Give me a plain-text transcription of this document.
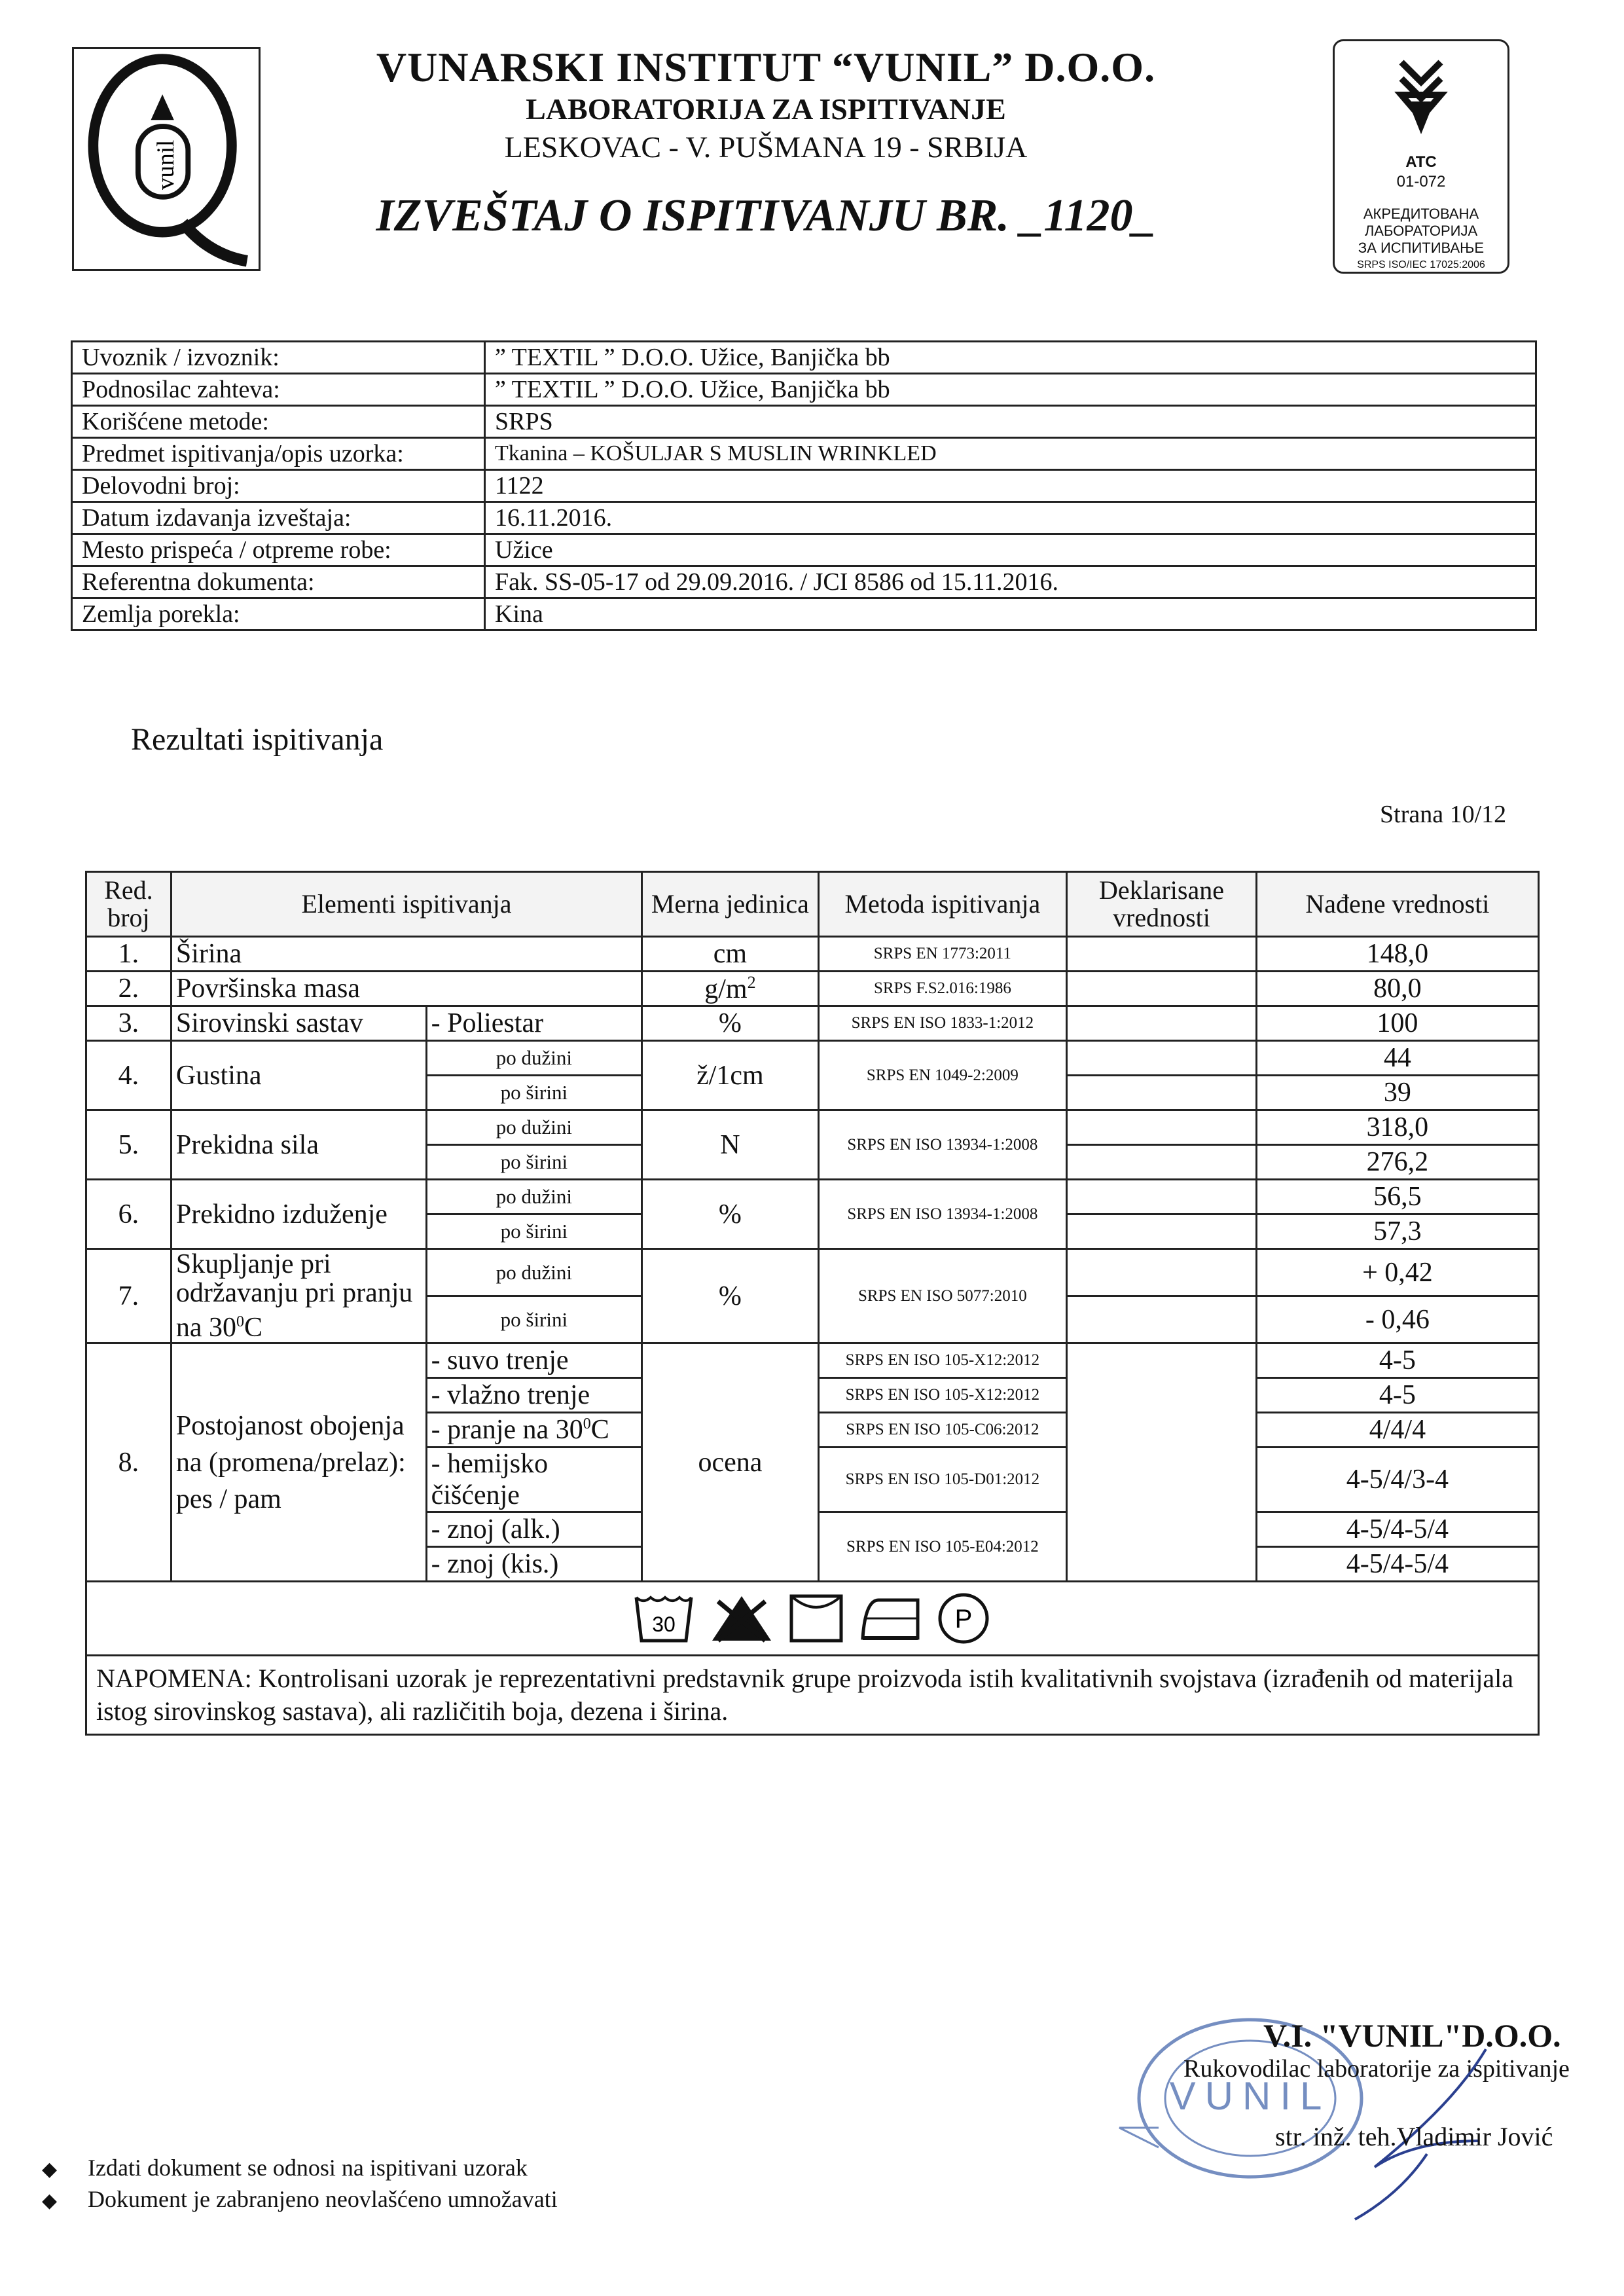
vunil
VUNARSKI INSTITUT “VUNIL” D.O.O.
LABORATORIJA ZA ISPITIVANJE
LESKOVAC - V. PUŠMANA 19 - SRBIJA
IZVEŠTAJ O ISPITIVANJU BR. _1120_
ATC
01-072
АКРЕДИТОВАНА
ЛАБОРАТОРИЈА
ЗА ИСПИТИВАЊЕ
SRPS ISO/IEC 17025:2006
Uvoznik / izvoznik:	” TEXTIL ” D.O.O. Užice, Banjička bb
Podnosilac zahteva:	” TEXTIL ” D.O.O. Užice, Banjička bb
Korišćene metode:	SRPS
Predmet ispitivanja/opis uzorka:	Tkanina – KOŠULJAR S MUSLIN WRINKLED
Delovodni broj:	1122
Datum izdavanja izveštaja:	16.11.2016.
Mesto prispeća / otpreme robe:	Užice
Referentna dokumenta:	Fak. SS-05-17 od 29.09.2016. / JCI 8586 od 15.11.2016.
Zemlja porekla:	Kina
Rezultati ispitivanja
Strana 10/12
Red. broj	Elementi ispitivanja		Merna jedinica	Metoda ispitivanja	Deklarisane vrednosti	Nađene vrednosti
1.	Širina		cm	SRPS EN 1773:2011		148,0
2.	Površinska masa		$g/m^2$	SRPS F.S2.016:1986		80,0
3.	Sirovinski sastav	- Poliestar	%	SRPS EN ISO 1833-1:2012		100
4.	Gustina	po dužini	ž/1cm	SRPS EN 1049-2:2009		44
		po širini				39
5.	Prekidna sila	po dužini	N	SRPS EN ISO 13934-1:2008		318,0
		po širini				276,2
6.	Prekidno izduženje	po dužini	%	SRPS EN ISO 13934-1:2008		56,5
		po širini				57,3
7.	Skupljanje pri održavanju pri pranju na $30^0C$	po dužini	%	SRPS EN ISO 5077:2010		+ 0,42
		po širini				- 0,46
8.	Postojanost obojenja na (promena/prelaz): pes / pam	- suvo trenje	ocena	SRPS EN ISO 105-X12:2012		4-5
		- vlažno trenje		SRPS EN ISO 105-X12:2012		4-5
		- pranje na $30^0C$		SRPS EN ISO 105-C06:2012		4/4/4
		- hemijsko čišćenje		SRPS EN ISO 105-D01:2012		4-5/4/3-4
		- znoj (alk.)		SRPS EN ISO 105-E04:2012		4-5/4-5/4
		- znoj (kis.)				4-5/4-5/4

30
P						

NAPOMENA: Kontrolisani uzorak je reprezentativni predstavnik grupe proizvoda istih kvalitativnih svojstava (izrađenih od materijala istog sirovinskog sastava), ali različitih boja, dezena i širina.						
VUNIL
V.I. "VUNIL"D.O.O.
Rukovodilac laboratorije za ispitivanje
str. inž. teh.Vladimir Jović
◆ Izdati dokument se odnosi na ispitivani uzorak
◆ Dokument je zabranjeno neovlašćeno umnožavati
